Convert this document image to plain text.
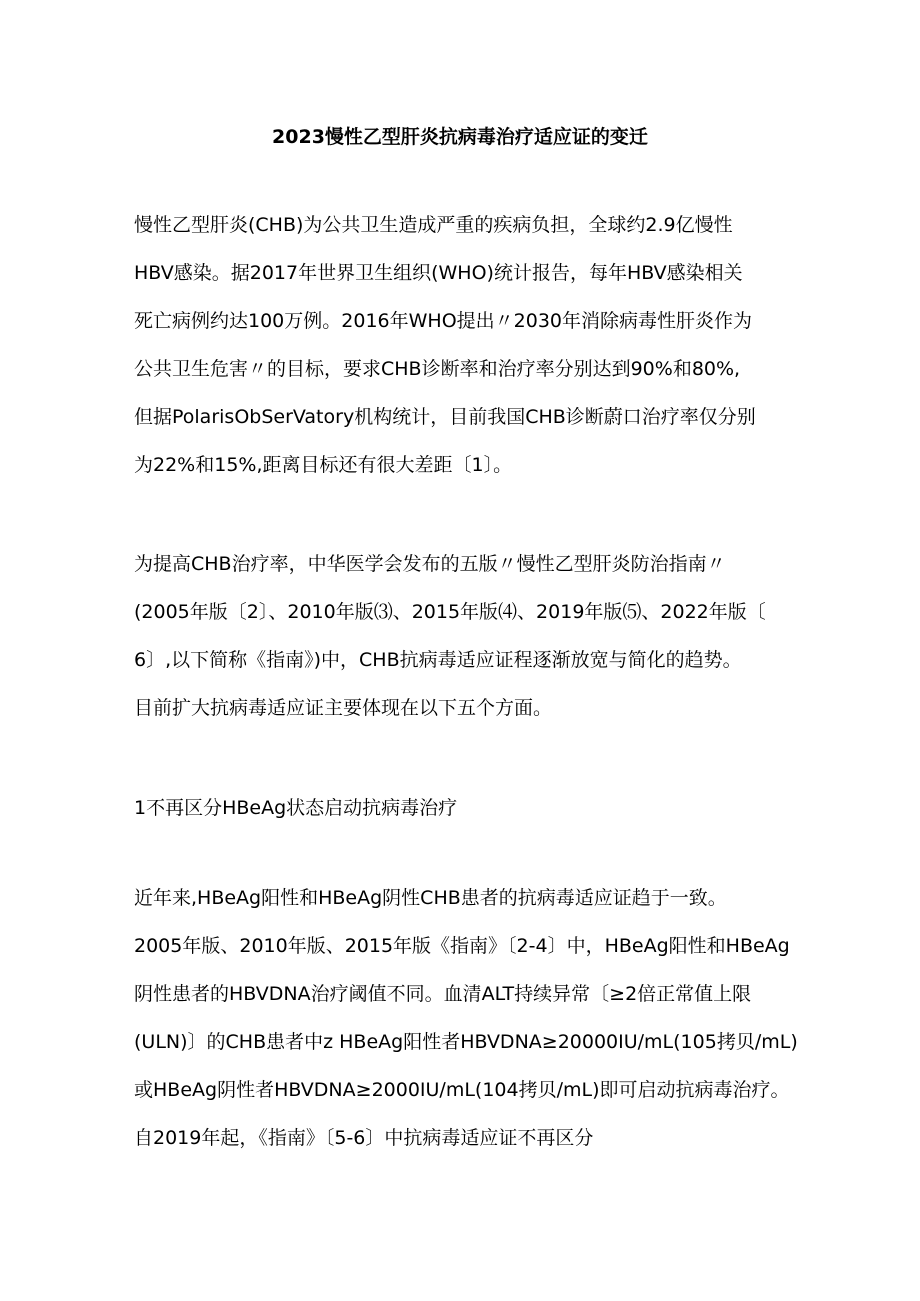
2023慢性乙型肝炎抗病毒治疗适应证的变迁
慢性乙型肝炎(CHB)为公共卫生造成严重的疾病负担，全球约2.9亿慢性
HBV感染。据2017年世界卫生组织(WHO)统计报告，每年HBV感染相关
死亡病例约达100万例。2016年WHO提出〃2030年消除病毒性肝炎作为
公共卫生危害〃的目标，要求CHB诊断率和治疗率分别达到90%和80%,
但据PolarisObSerVatory机构统计，目前我国CHB诊断蔚口治疗率仅分别
为22%和15%,距离目标还有很大差距〔1〕。
为提高CHB治疗率，中华医学会发布的五版〃慢性乙型肝炎防治指南〃
(2005年版〔2〕、2010年版⑶、2015年版⑷、2019年版⑸、2022年版〔
6〕,以下简称《指南》)中，CHB抗病毒适应证程逐渐放宽与简化的趋势。
目前扩大抗病毒适应证主要体现在以下五个方面。
1不再区分HBeAg状态启动抗病毒治疗
近年来,HBeAg阳性和HBeAg阴性CHB患者的抗病毒适应证趋于一致。
2005年版、2010年版、2015年版《指南》〔2-4〕中，HBeAg阳性和HBeAg
阴性患者的HBVDNA治疗阈值不同。血清ALT持续异常〔≥2倍正常值上限
(ULN)〕的CHB患者中z HBeAg阳性者HBVDNA≥20000IU∕mL(105拷贝∕mL)
或HBeAg阴性者HBVDNA≥2000IU∕mL(104拷贝∕mL)即可启动抗病毒治疗。
自2019年起，《指南》〔5-6〕中抗病毒适应证不再区分
